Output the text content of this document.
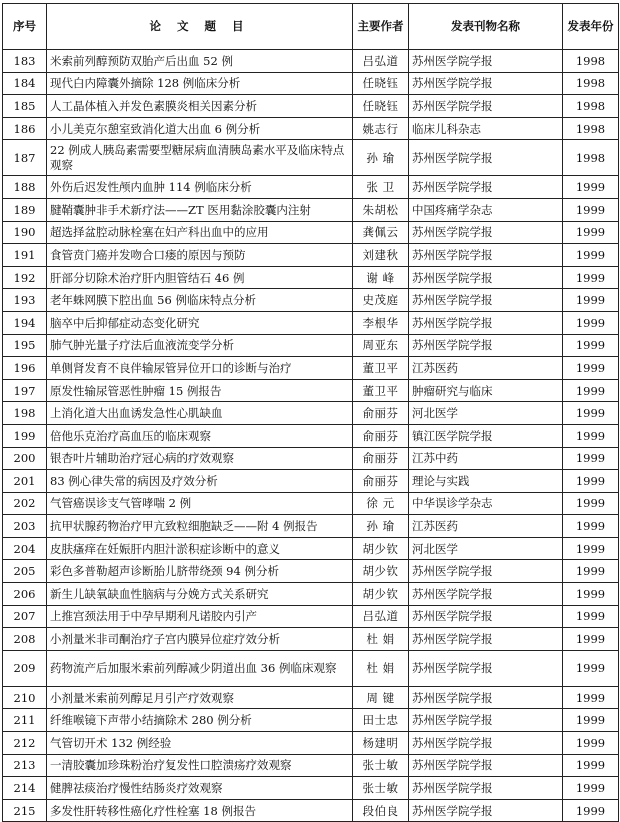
序号	论 文 题 目	主要作者	发表刊物名称	发表年份
183	米索前列醇预防双胎产后出血 52 例	吕弘道	苏州医学院学报	1998
184	现代白内障囊外摘除 128 例临床分析	任晓钰	苏州医学院学报	1998
185	人工晶体植入并发色素膜炎相关因素分析	任晓钰	苏州医学院学报	1998
186	小儿美克尔憩室致消化道大出血 6 例分析	姚志行	临床儿科杂志	1998
187	22 例成人胰岛素需要型糖尿病血清胰岛素水平及临床特点观察	孙 瑜	苏州医学院学报	1998
188	外伤后迟发性颅内血肿 114 例临床分析	张 卫	苏州医学院学报	1999
189	腱鞘囊肿非手术新疗法——ZT 医用黏涂胶囊内注射	朱胡松	中国疼痛学杂志	1999
190	超选择盆腔动脉栓塞在妇产科出血中的应用	龚佩云	苏州医学院学报	1999
191	食管贲门癌并发吻合口瘘的原因与预防	刘建秋	苏州医学院学报	1999
192	肝部分切除术治疗肝内胆管结石 46 例	谢 峰	苏州医学院学报	1999
193	老年蛛网膜下腔出血 56 例临床特点分析	史茂庭	苏州医学院学报	1999
194	脑卒中后抑郁症动态变化研究	李根华	苏州医学院学报	1999
195	肺气肿光量子疗法后血液流变学分析	周亚东	苏州医学院学报	1999
196	单侧肾发育不良伴输尿管异位开口的诊断与治疗	董卫平	江苏医药	1999
197	原发性输尿管恶性肿瘤 15 例报告	董卫平	肿瘤研究与临床	1999
198	上消化道大出血诱发急性心肌缺血	俞丽芬	河北医学	1999
199	倍他乐克治疗高血压的临床观察	俞丽芬	镇江医学院学报	1999
200	银杏叶片辅助治疗冠心病的疗效观察	俞丽芬	江苏中药	1999
201	83 例心律失常的病因及疗效分析	俞丽芬	理论与实践	1999
202	气管癌误诊支气管哮喘 2 例	徐 元	中华误诊学杂志	1999
203	抗甲状腺药物治疗甲亢致粒细胞缺乏——附 4 例报告	孙 瑜	江苏医药	1999
204	皮肤瘙痒在妊娠肝内胆汁淤积症诊断中的意义	胡少钦	河北医学	1999
205	彩色多普勒超声诊断胎儿脐带绕颈 94 例分析	胡少钦	苏州医学院学报	1999
206	新生儿缺氧缺血性脑病与分娩方式关系研究	胡少钦	苏州医学院学报	1999
207	上推宫颈法用于中孕早期利凡诺胶内引产	吕弘道	苏州医学院学报	1999
208	小剂量米非司酮治疗子宫内膜异位症疗效分析	杜 娟	苏州医学院学报	1999
209	药物流产后加服米索前列醇减少阴道出血 36 例临床观察	杜 娟	苏州医学院学报	1999
210	小剂量米索前列醇足月引产疗效观察	周 键	苏州医学院学报	1999
211	纤维喉镜下声带小结摘除术 280 例分析	田士忠	苏州医学院学报	1999
212	气管切开术 132 例经验	杨建明	苏州医学院学报	1999
213	一清胶囊加珍珠粉治疗复发性口腔溃疡疗效观察	张士敏	苏州医学院学报	1999
214	健脾祛痰治疗慢性结肠炎疗效观察	张士敏	苏州医学院学报	1999
215	多发性肝转移性癌化疗性栓塞 18 例报告	段伯良	苏州医学院学报	1999
